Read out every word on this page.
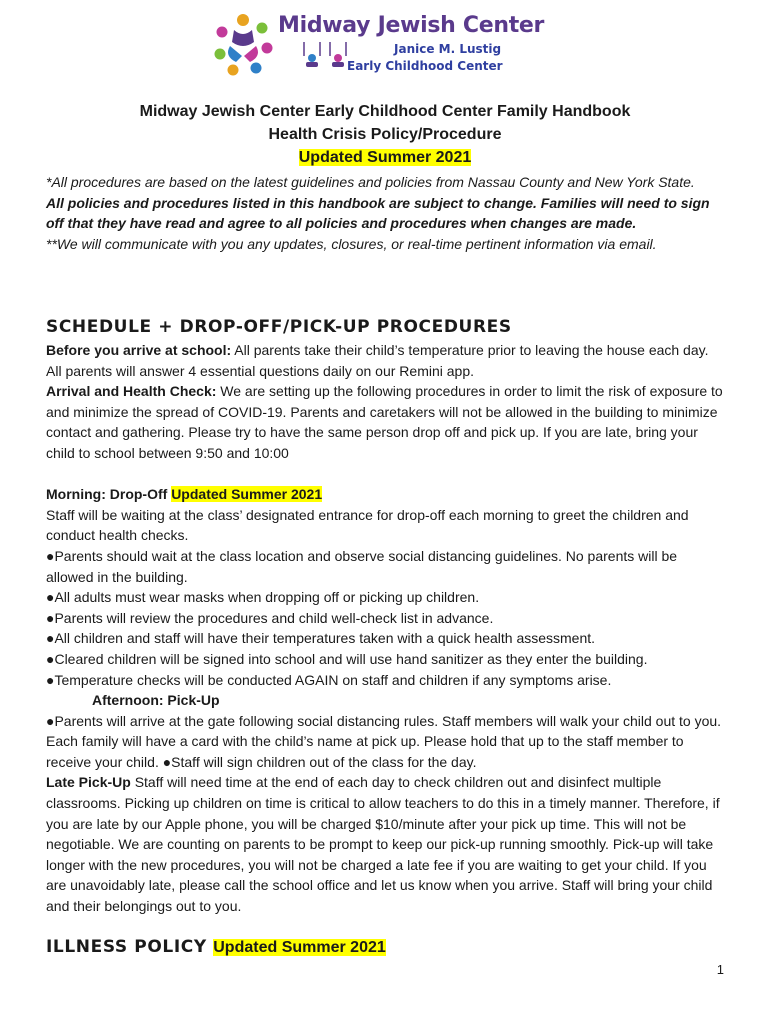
Midway Jewish Center
Janice M. Lustig
Early Childhood Center
Midway Jewish Center Early Childhood Center Family Handbook
Health Crisis Policy/Procedure
Updated Summer 2021

*All procedures are based on the latest guidelines and policies from Nassau County and New York State.

All policies and procedures listed in this handbook are subject to change. Families will need to sign off that they have read and agree to all policies and procedures when changes are made.

**We will communicate with you any updates, closures, or real-time pertinent information via email.

SCHEDULE + DROP-OFF/PICK-UP PROCEDURES

Before you arrive at school: All parents take their child’s temperature prior to leaving the house each day. All parents will answer 4 essential questions daily on our Remini app.

Arrival and Health Check: We are setting up the following procedures in order to limit the risk of exposure to and minimize the spread of COVID-19. Parents and caretakers will not be allowed in the building to minimize contact and gathering. Please try to have the same person drop off and pick up. If you are late, bring your child to school between 9:50 and 10:00

Morning: Drop-Off Updated Summer 2021

Staff will be waiting at the class’ designated entrance for drop-off each morning to greet the children and conduct health checks.

●Parents should wait at the class location and observe social distancing guidelines. No parents will be allowed in the building.

●All adults must wear masks when dropping off or picking up children.

●Parents will review the procedures and child well-check list in advance.

●All children and staff will have their temperatures taken with a quick health assessment.

●Cleared children will be signed into school and will use hand sanitizer as they enter the building.

●Temperature checks will be conducted AGAIN on staff and children if any symptoms arise.

Afternoon: Pick-Up

●Parents will arrive at the gate following social distancing rules. Staff members will walk your child out to you. Each family will have a card with the child’s name at pick up. Please hold that up to the staff member to receive your child. ●Staff will sign children out of the class for the day.

Late Pick-Up Staff will need time at the end of each day to check children out and disinfect multiple classrooms. Picking up children on time is critical to allow teachers to do this in a timely manner. Therefore, if you are late by our Apple phone, you will be charged $10/minute after your pick up time. This will not be negotiable. We are counting on parents to be prompt to keep our pick-up running smoothly. Pick-up will take longer with the new procedures, you will not be charged a late fee if you are waiting to get your child. If you are unavoidably late, please call the school office and let us know when you arrive. Staff will bring your child and their belongings out to you.

ILLNESS POLICY Updated Summer 2021
1
